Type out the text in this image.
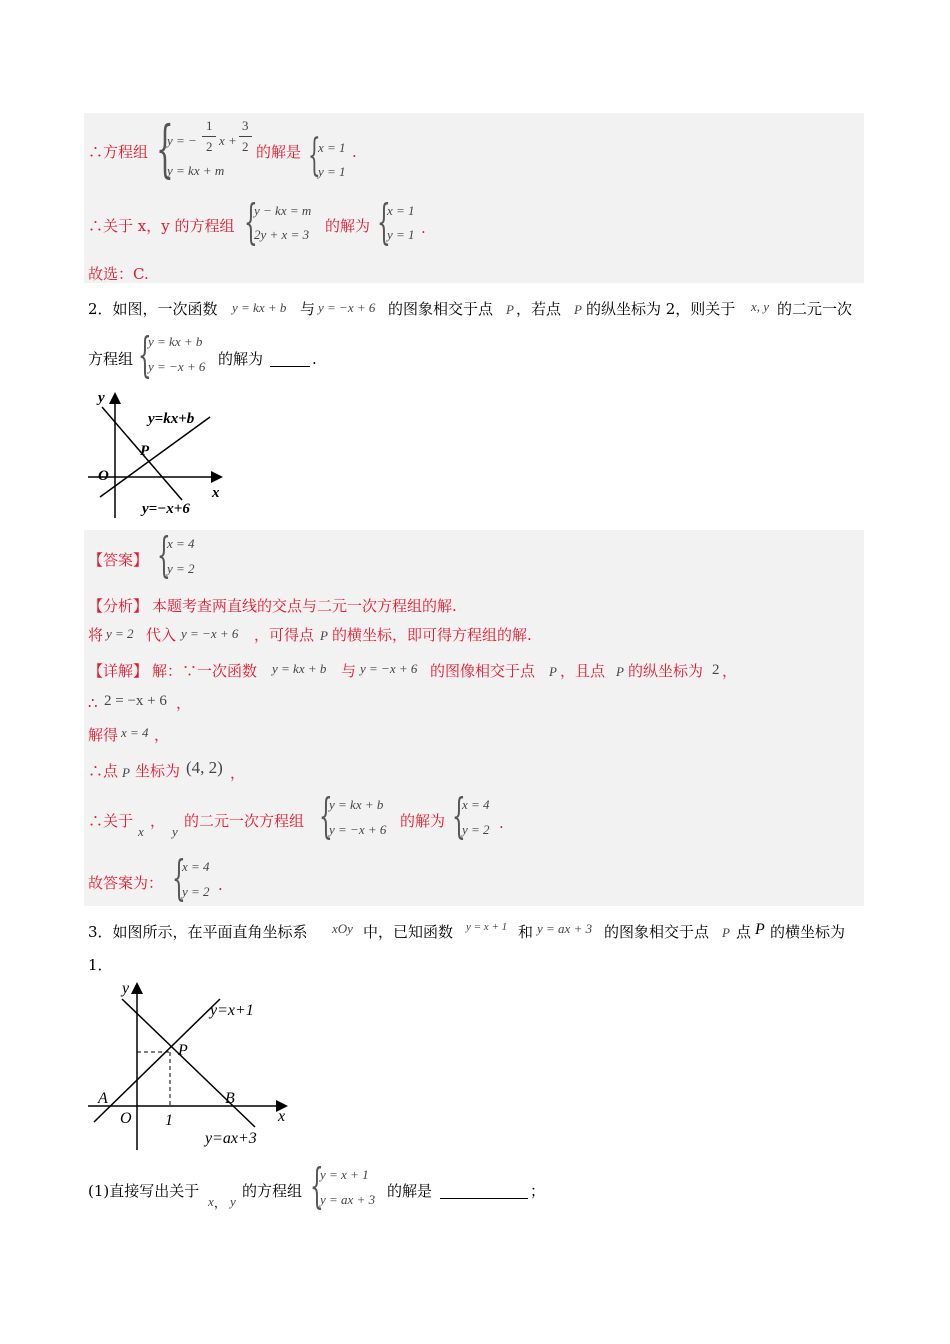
∴方程组 {
y = −
1
2 x +
3
2
y = kx + m
的解是 {
x = 1
y = 1
.
∴关于 x，y 的方程组 {
y − kx = m
2y + x = 3 的解为 {
x = 1
y = 1 .
故选：C.
2．如图，一次函数 y = kx + b 与 y = −x + 6 的图象相交于点 P ，若点 P 的纵坐标为 2，则关于 x, y 的二元一次
方程组 {
y = kx + b
y = −x + 6 的解为	.
y
x
O
P
y=kx+b
y=−x+6
【答案】 {
x = 4
y = 2
【分析】 本题考查两直线的交点与二元一次方程组的解.
将 y = 2 代入 y = −x + 6 ，可得点 P 的横坐标，即可得方程组的解.
【详解】 解：∵一次函数 y = kx + b 与 y = −x + 6 的图像相交于点 P ，且点 P 的纵坐标为 2 ，
∴ 2 = −x + 6 ，
解得 x = 4 ，
∴点 P 坐标为 (4, 2) ，
∴关于
x
，
y
的二元一次方程组 {
y = kx + b
y = −x + 6 的解为 {
x = 4
y = 2 .
故答案为： {
x = 4
y = 2 .
3．如图所示，在平面直角坐标系 xOy 中，已知函数 y = x + 1 和 y = ax + 3 的图象相交于点 P 点 P 的横坐标为
1．
y
x
O
A	B
P
1
y=x+1
y=ax+3
(1)直接写出关于
x ， y
的方程组 {
y = x + 1
y = ax + 3 的解是	；
